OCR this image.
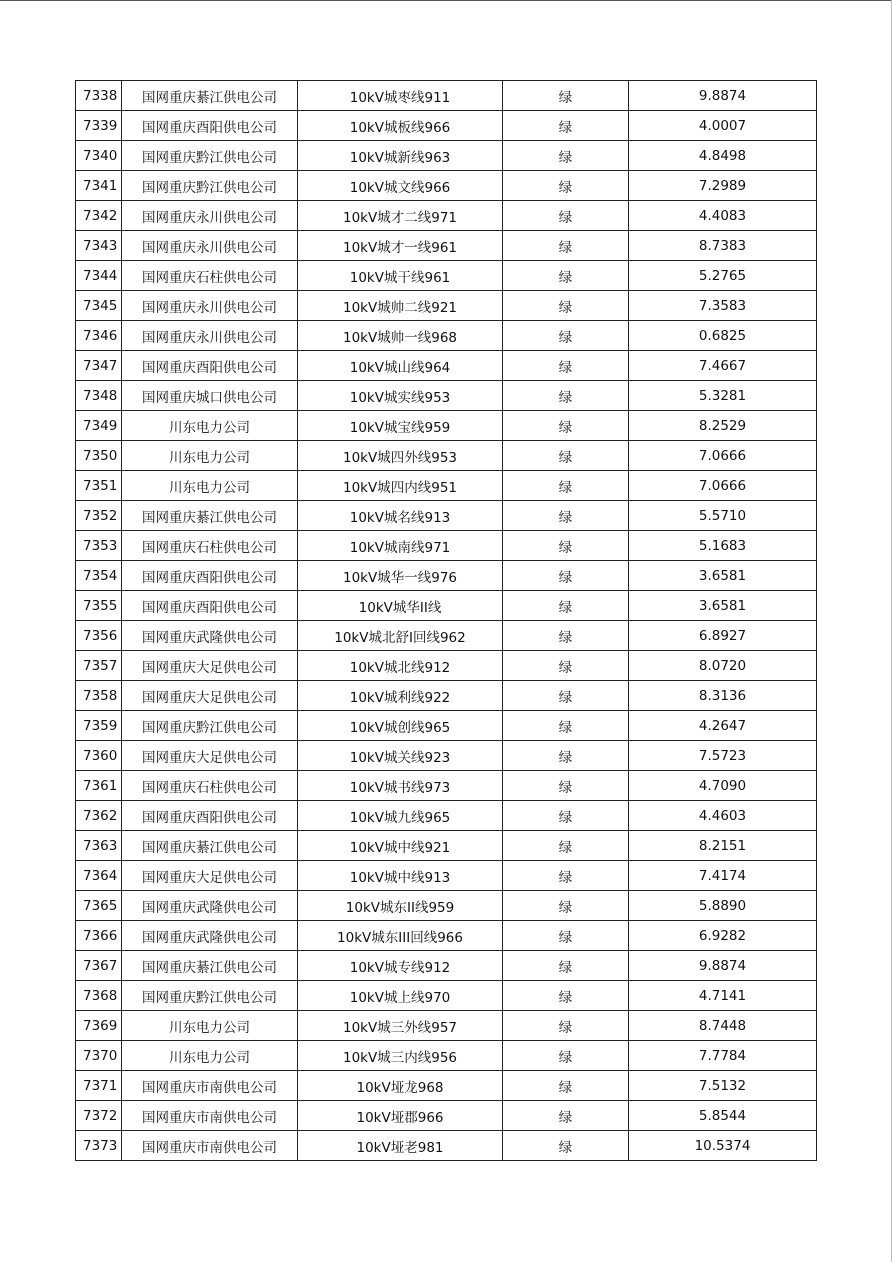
7338	国网重庆綦江供电公司	10kV城枣线911	绿	9.8874
7339	国网重庆酉阳供电公司	10kV城板线966	绿	4.0007
7340	国网重庆黔江供电公司	10kV城新线963	绿	4.8498
7341	国网重庆黔江供电公司	10kV城文线966	绿	7.2989
7342	国网重庆永川供电公司	10kV城才二线971	绿	4.4083
7343	国网重庆永川供电公司	10kV城才一线961	绿	8.7383
7344	国网重庆石柱供电公司	10kV城干线961	绿	5.2765
7345	国网重庆永川供电公司	10kV城帅二线921	绿	7.3583
7346	国网重庆永川供电公司	10kV城帅一线968	绿	0.6825
7347	国网重庆酉阳供电公司	10kV城山线964	绿	7.4667
7348	国网重庆城口供电公司	10kV城实线953	绿	5.3281
7349	川东电力公司	10kV城宝线959	绿	8.2529
7350	川东电力公司	10kV城四外线953	绿	7.0666
7351	川东电力公司	10kV城四内线951	绿	7.0666
7352	国网重庆綦江供电公司	10kV城名线913	绿	5.5710
7353	国网重庆石柱供电公司	10kV城南线971	绿	5.1683
7354	国网重庆酉阳供电公司	10kV城华一线976	绿	3.6581
7355	国网重庆酉阳供电公司	10kV城华II线	绿	3.6581
7356	国网重庆武隆供电公司	10kV城北舒I回线962	绿	6.8927
7357	国网重庆大足供电公司	10kV城北线912	绿	8.0720
7358	国网重庆大足供电公司	10kV城利线922	绿	8.3136
7359	国网重庆黔江供电公司	10kV城创线965	绿	4.2647
7360	国网重庆大足供电公司	10kV城关线923	绿	7.5723
7361	国网重庆石柱供电公司	10kV城书线973	绿	4.7090
7362	国网重庆酉阳供电公司	10kV城九线965	绿	4.4603
7363	国网重庆綦江供电公司	10kV城中线921	绿	8.2151
7364	国网重庆大足供电公司	10kV城中线913	绿	7.4174
7365	国网重庆武隆供电公司	10kV城东II线959	绿	5.8890
7366	国网重庆武隆供电公司	10kV城东III回线966	绿	6.9282
7367	国网重庆綦江供电公司	10kV城专线912	绿	9.8874
7368	国网重庆黔江供电公司	10kV城上线970	绿	4.7141
7369	川东电力公司	10kV城三外线957	绿	8.7448
7370	川东电力公司	10kV城三内线956	绿	7.7784
7371	国网重庆市南供电公司	10kV垭龙968	绿	7.5132
7372	国网重庆市南供电公司	10kV垭郡966	绿	5.8544
7373	国网重庆市南供电公司	10kV垭老981	绿	10.5374
